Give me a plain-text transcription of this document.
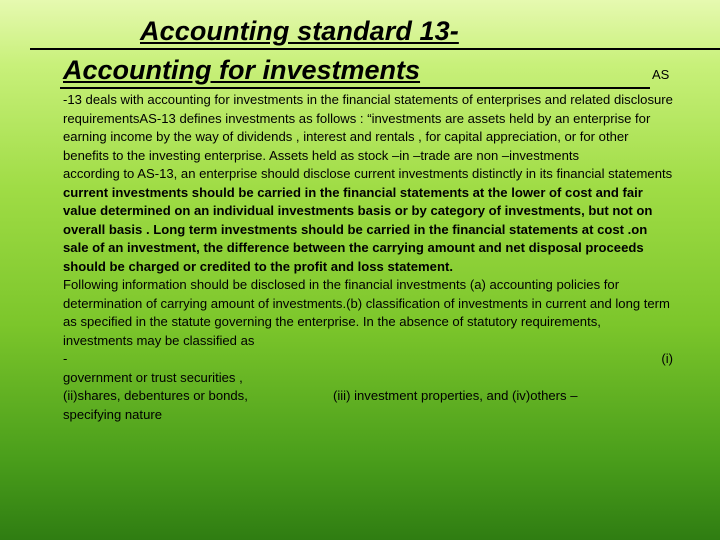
Accounting standard 13-
Accounting for investments	AS

-13 deals with accounting for investments in the financial statements of enterprises and related disclosure requirementsAS-13 defines investments as follows : “investments are assets held by an enterprise for earning income by the way of dividends , interest and rentals , for capital appreciation, or for other benefits to the investing enterprise. Assets held as stock –in –trade are non –investments

according to AS-13, an enterprise should disclose current investments distinctly in its financial statements

current investments should be carried in the financial statements at the lower of cost and fair value determined on an individual investments basis or by category of investments, but not on overall basis . Long term investments should be carried in the financial statements at cost .on sale of an investment, the difference between the carrying amount and net disposal proceeds should be charged or credited to the profit and loss statement.

Following information should be disclosed in the financial investments (a) accounting policies for determination of carrying amount of investments.(b) classification of investments in current and long term as specified in the statute governing the enterprise. In the absence of statutory requirements, investments may be classified as

-	(i)

government or trust securities ,

(ii)shares, debentures or bonds,	(iii) investment properties, and (iv)others –

specifying nature
